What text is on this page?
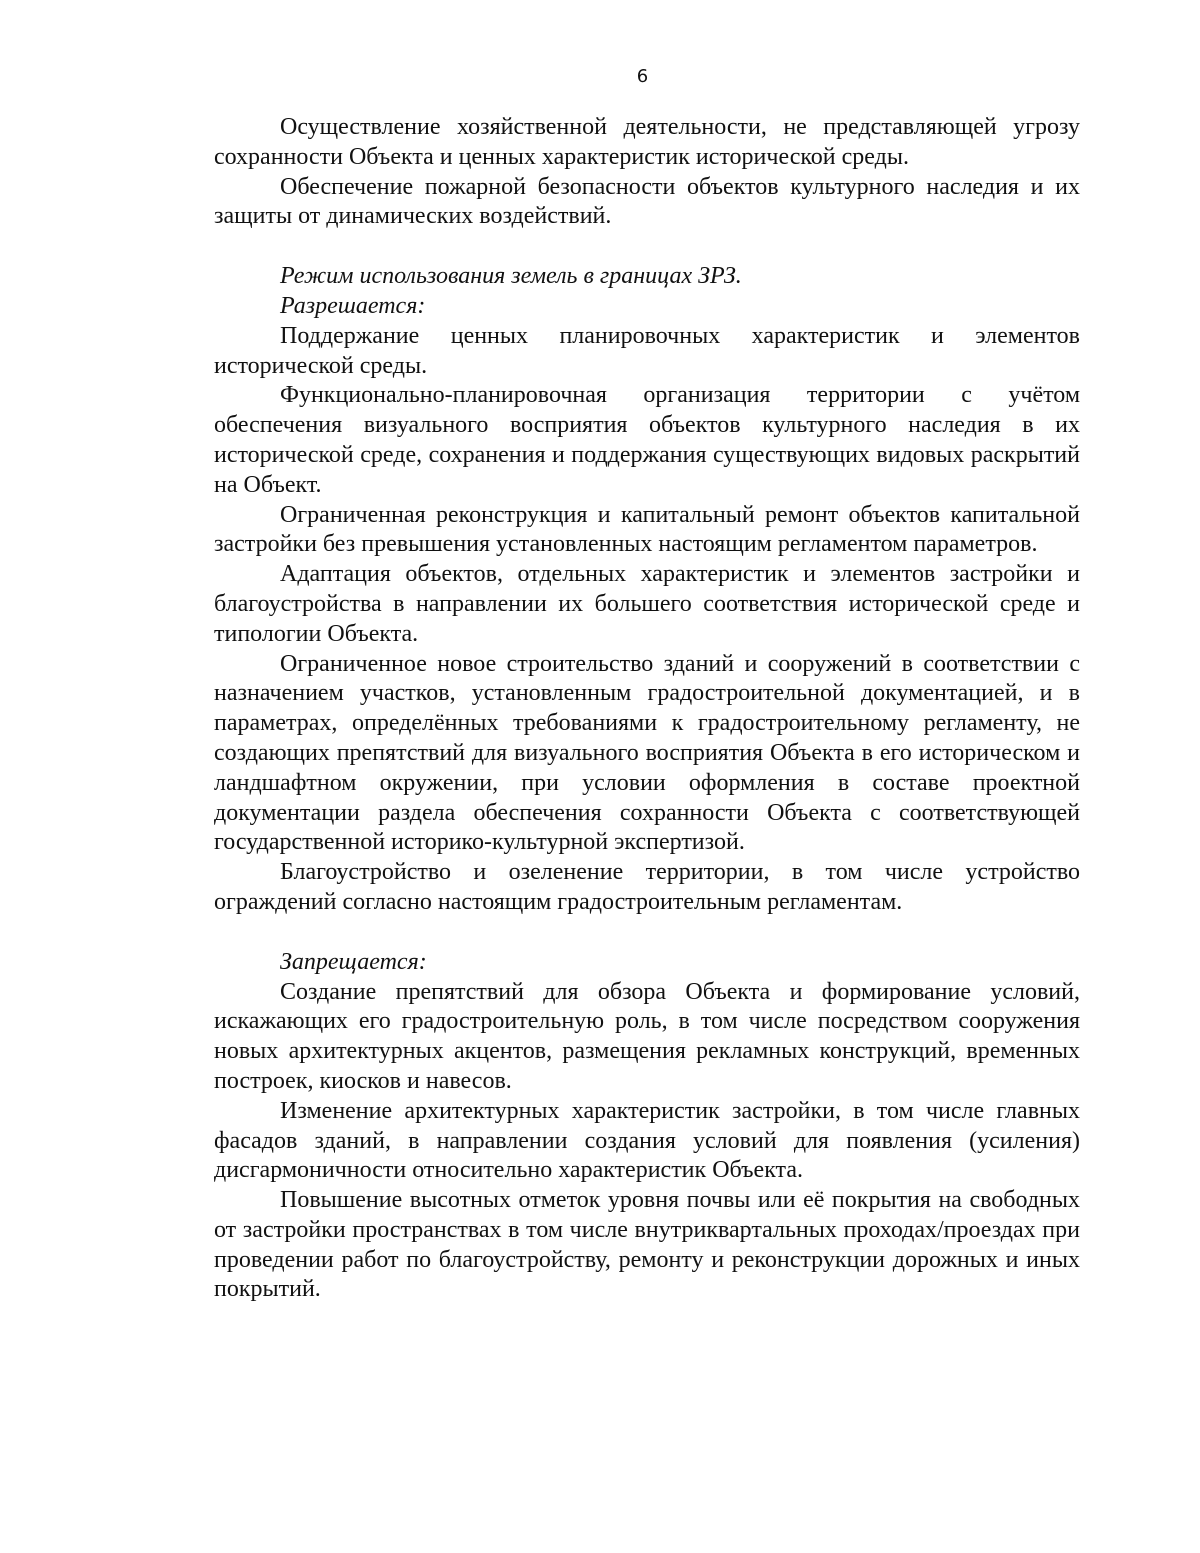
6

Осуществление хозяйственной деятельности, не представляющей угрозу сохранности Объекта и ценных характеристик исторической среды.

Обеспечение пожарной безопасности объектов культурного наследия и их защиты от динамических воздействий.

Режим использования земель в границах ЗРЗ.

Разрешается:

Поддержание ценных планировочных характеристик и элементов исторической среды.

Функционально-планировочная организация территории с учётом обеспечения визуального восприятия объектов культурного наследия в их исторической среде, сохранения и поддержания существующих видовых раскрытий на Объект.

Ограниченная реконструкция и капитальный ремонт объектов капитальной застройки без превышения установленных настоящим регламентом параметров.

Адаптация объектов, отдельных характеристик и элементов застройки и благоустройства в направлении их большего соответствия исторической среде и типологии Объекта.

Ограниченное новое строительство зданий и сооружений в соответствии с назначением участков, установленным градостроительной документацией, и в параметрах, определённых требованиями к градостроительному регламенту, не создающих препятствий для визуального восприятия Объекта в его историческом и ландшафтном окружении, при условии оформления в составе проектной документации раздела обеспечения сохранности Объекта с соответствующей государственной историко-культурной экспертизой.

Благоустройство и озеленение территории, в том числе устройство ограждений согласно настоящим градостроительным регламентам.

Запрещается:

Создание препятствий для обзора Объекта и формирование условий, искажающих его градостроительную роль, в том числе посредством сооружения новых архитектурных акцентов, размещения рекламных конструкций, временных построек, киосков и навесов.

Изменение архитектурных характеристик застройки, в том числе главных фасадов зданий, в направлении создания условий для появления (усиления) дисгармоничности относительно характеристик Объекта.

Повышение высотных отметок уровня почвы или её покрытия на свободных от застройки пространствах в том числе внутриквартальных проходах/проездах при проведении работ по благоустройству, ремонту и реконструкции дорожных и иных покрытий.
